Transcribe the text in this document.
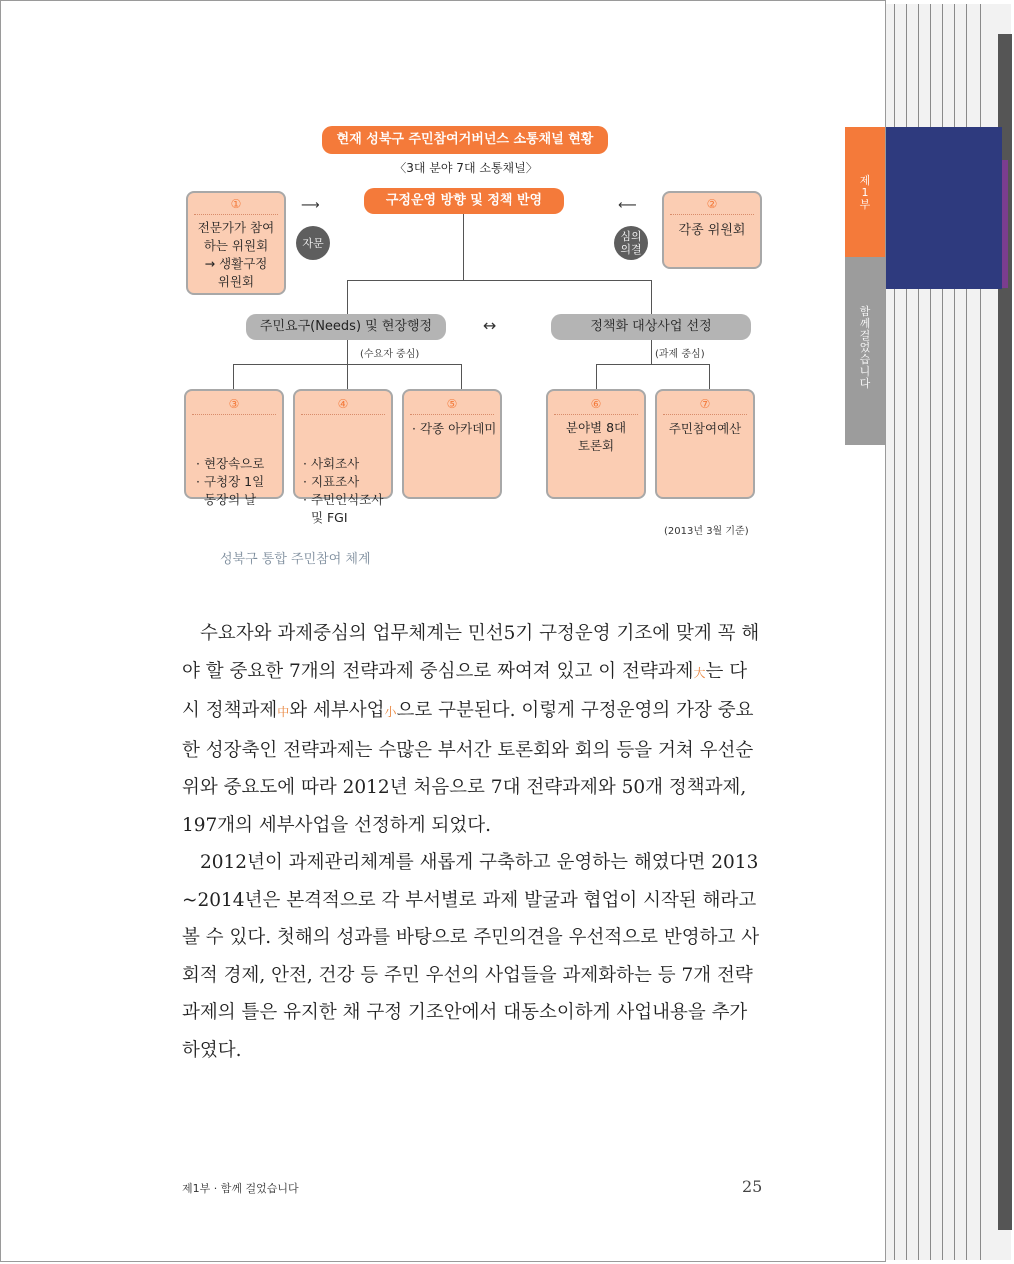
제
1
부
함
께
걸
었
습
니
다
현재 성북구 주민참여거버넌스 소통채널 현황
〈3대 분야 7대 소통채널〉
구정운영 방향 및 정책 반영
①
전문가가 참여
하는 위원회
→ 생활구정
위원회
⟶
자문
②
각종 위원회
⟵
심의
의결
주민요구(Needs) 및 현장행정
(수요자 중심)
↔	정책화 대상사업 선정
(과제 중심)
③

· 현장속으로
· 구청장 1일
동장의 날

④

· 사회조사
· 지표조사
· 주민인식조사
및 FGI

⑤
· 각종 아카데미
⑥
분야별 8대
토론회
⑦
주민참여예산
(2013년 3월 기준)
성북구 통합 주민참여 체계

수요자와 과제중심의 업무체계는 민선5기 구정운영 기조에 맞게 꼭 해

야 할 중요한 7개의 전략과제 중심으로 짜여져 있고 이 전략과제大는 다

시 정책과제中와 세부사업小으로 구분된다. 이렇게 구정운영의 가장 중요

한 성장축인 전략과제는 수많은 부서간 토론회와 회의 등을 거쳐 우선순

위와 중요도에 따라 2012년 처음으로 7대 전략과제와 50개 정책과제,

197개의 세부사업을 선정하게 되었다.

2012년이 과제관리체계를 새롭게 구축하고 운영하는 해였다면 2013

~2014년은 본격적으로 각 부서별로 과제 발굴과 협업이 시작된 해라고

볼 수 있다. 첫해의 성과를 바탕으로 주민의견을 우선적으로 반영하고 사

회적 경제, 안전, 건강 등 주민 우선의 사업들을 과제화하는 등 7개 전략

과제의 틀은 유지한 채 구정 기조안에서 대동소이하게 사업내용을 추가

하였다.

제1부 · 함께 걸었습니다	25
